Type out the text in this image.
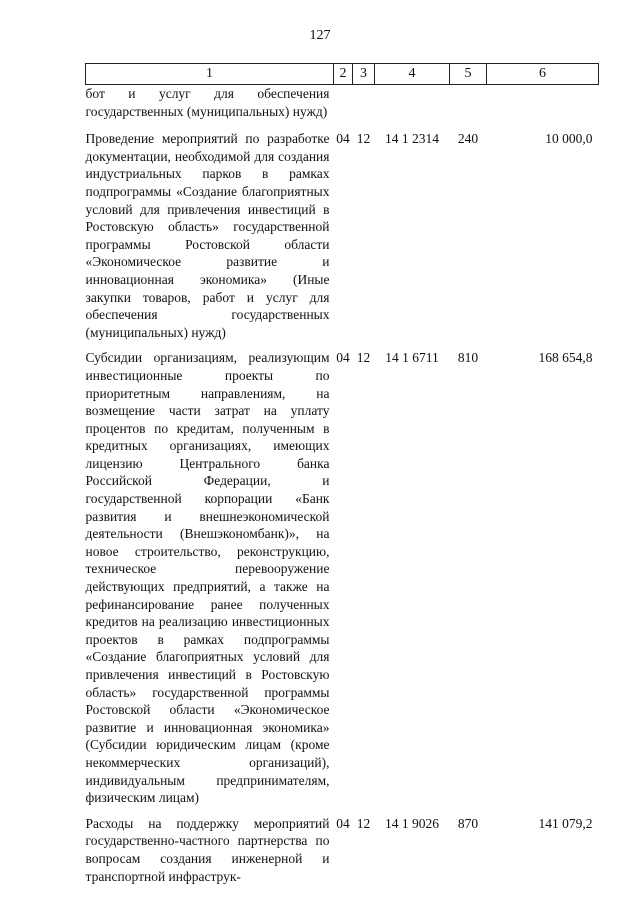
127
1	2	3	4	5	6
бот и услуг для обеспечения государственных (муниципальных) нужд)					
Проведение мероприятий по разработке документации, необходимой для создания индустриальных парков в рамках подпрограммы «Создание благоприятных условий для привлечения инвестиций в Ростовскую область» государственной программы Ростовской области «Экономическое развитие и инновационная экономика» (Иные закупки товаров, работ и услуг для обеспечения государственных (муниципальных) нужд)	04	12	14 1 2314	240	10 000,0
Субсидии организациям, реализующим инвестиционные проекты по приоритетным направлениям, на возмещение части затрат на уплату процентов по кредитам, полученным в кредитных организациях, имеющих лицензию Центрального банка Российской Федерации, и государственной корпорации «Банк развития и внешнеэкономической деятельности (Внешэкономбанк)», на новое строительство, реконструкцию, техническое перевооружение действующих предприятий, а также на рефинансирование ранее полученных кредитов на реализацию инвестиционных проектов в рамках подпрограммы «Создание благоприятных условий для привлечения инвестиций в Ростовскую область» государственной программы Ростовской области «Экономическое развитие и инновационная экономика» (Субсидии юридическим лицам (кроме некоммерческих организаций), индивидуальным предпринимателям, физическим лицам)	04	12	14 1 6711	810	168 654,8
Расходы на поддержку мероприятий государственно-частного партнерства по вопросам создания инженерной и транспортной инфраструк-	04	12	14 1 9026	870	141 079,2
